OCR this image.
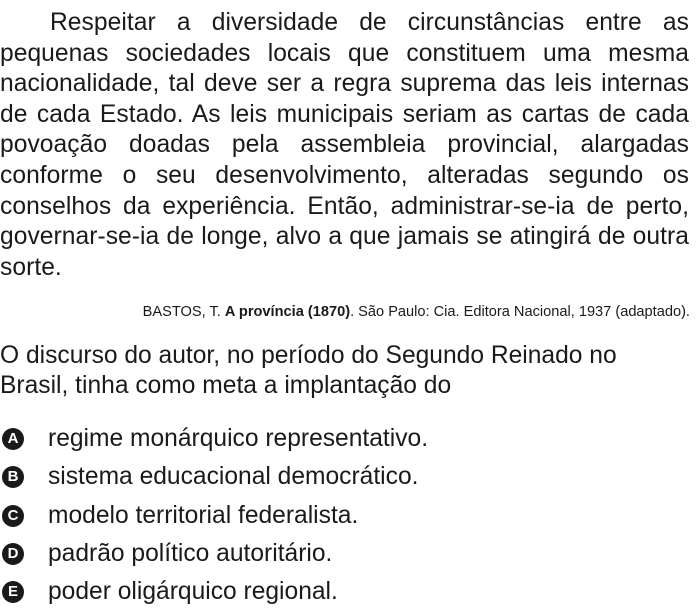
Respeitar a diversidade de circunstâncias entre as pequenas sociedades locais que constituem uma mesma nacionalidade, tal deve ser a regra suprema das leis internas de cada Estado. As leis municipais seriam as cartas de cada povoação doadas pela assembleia provincial, alargadas conforme o seu desenvolvimento, alteradas segundo os conselhos da experiência. Então, administrar-se-ia de perto, governar-se-ia de longe, alvo a que jamais se atingirá de outra sorte.

BASTOS, T. A província (1870). São Paulo: Cia. Editora Nacional, 1937 (adaptado).

O discurso do autor, no período do Segundo Reinado no Brasil, tinha como meta a implantação do

A regime monárquico representativo.
B sistema educacional democrático.
C modelo territorial federalista.
D padrão político autoritário.
E poder oligárquico regional.
